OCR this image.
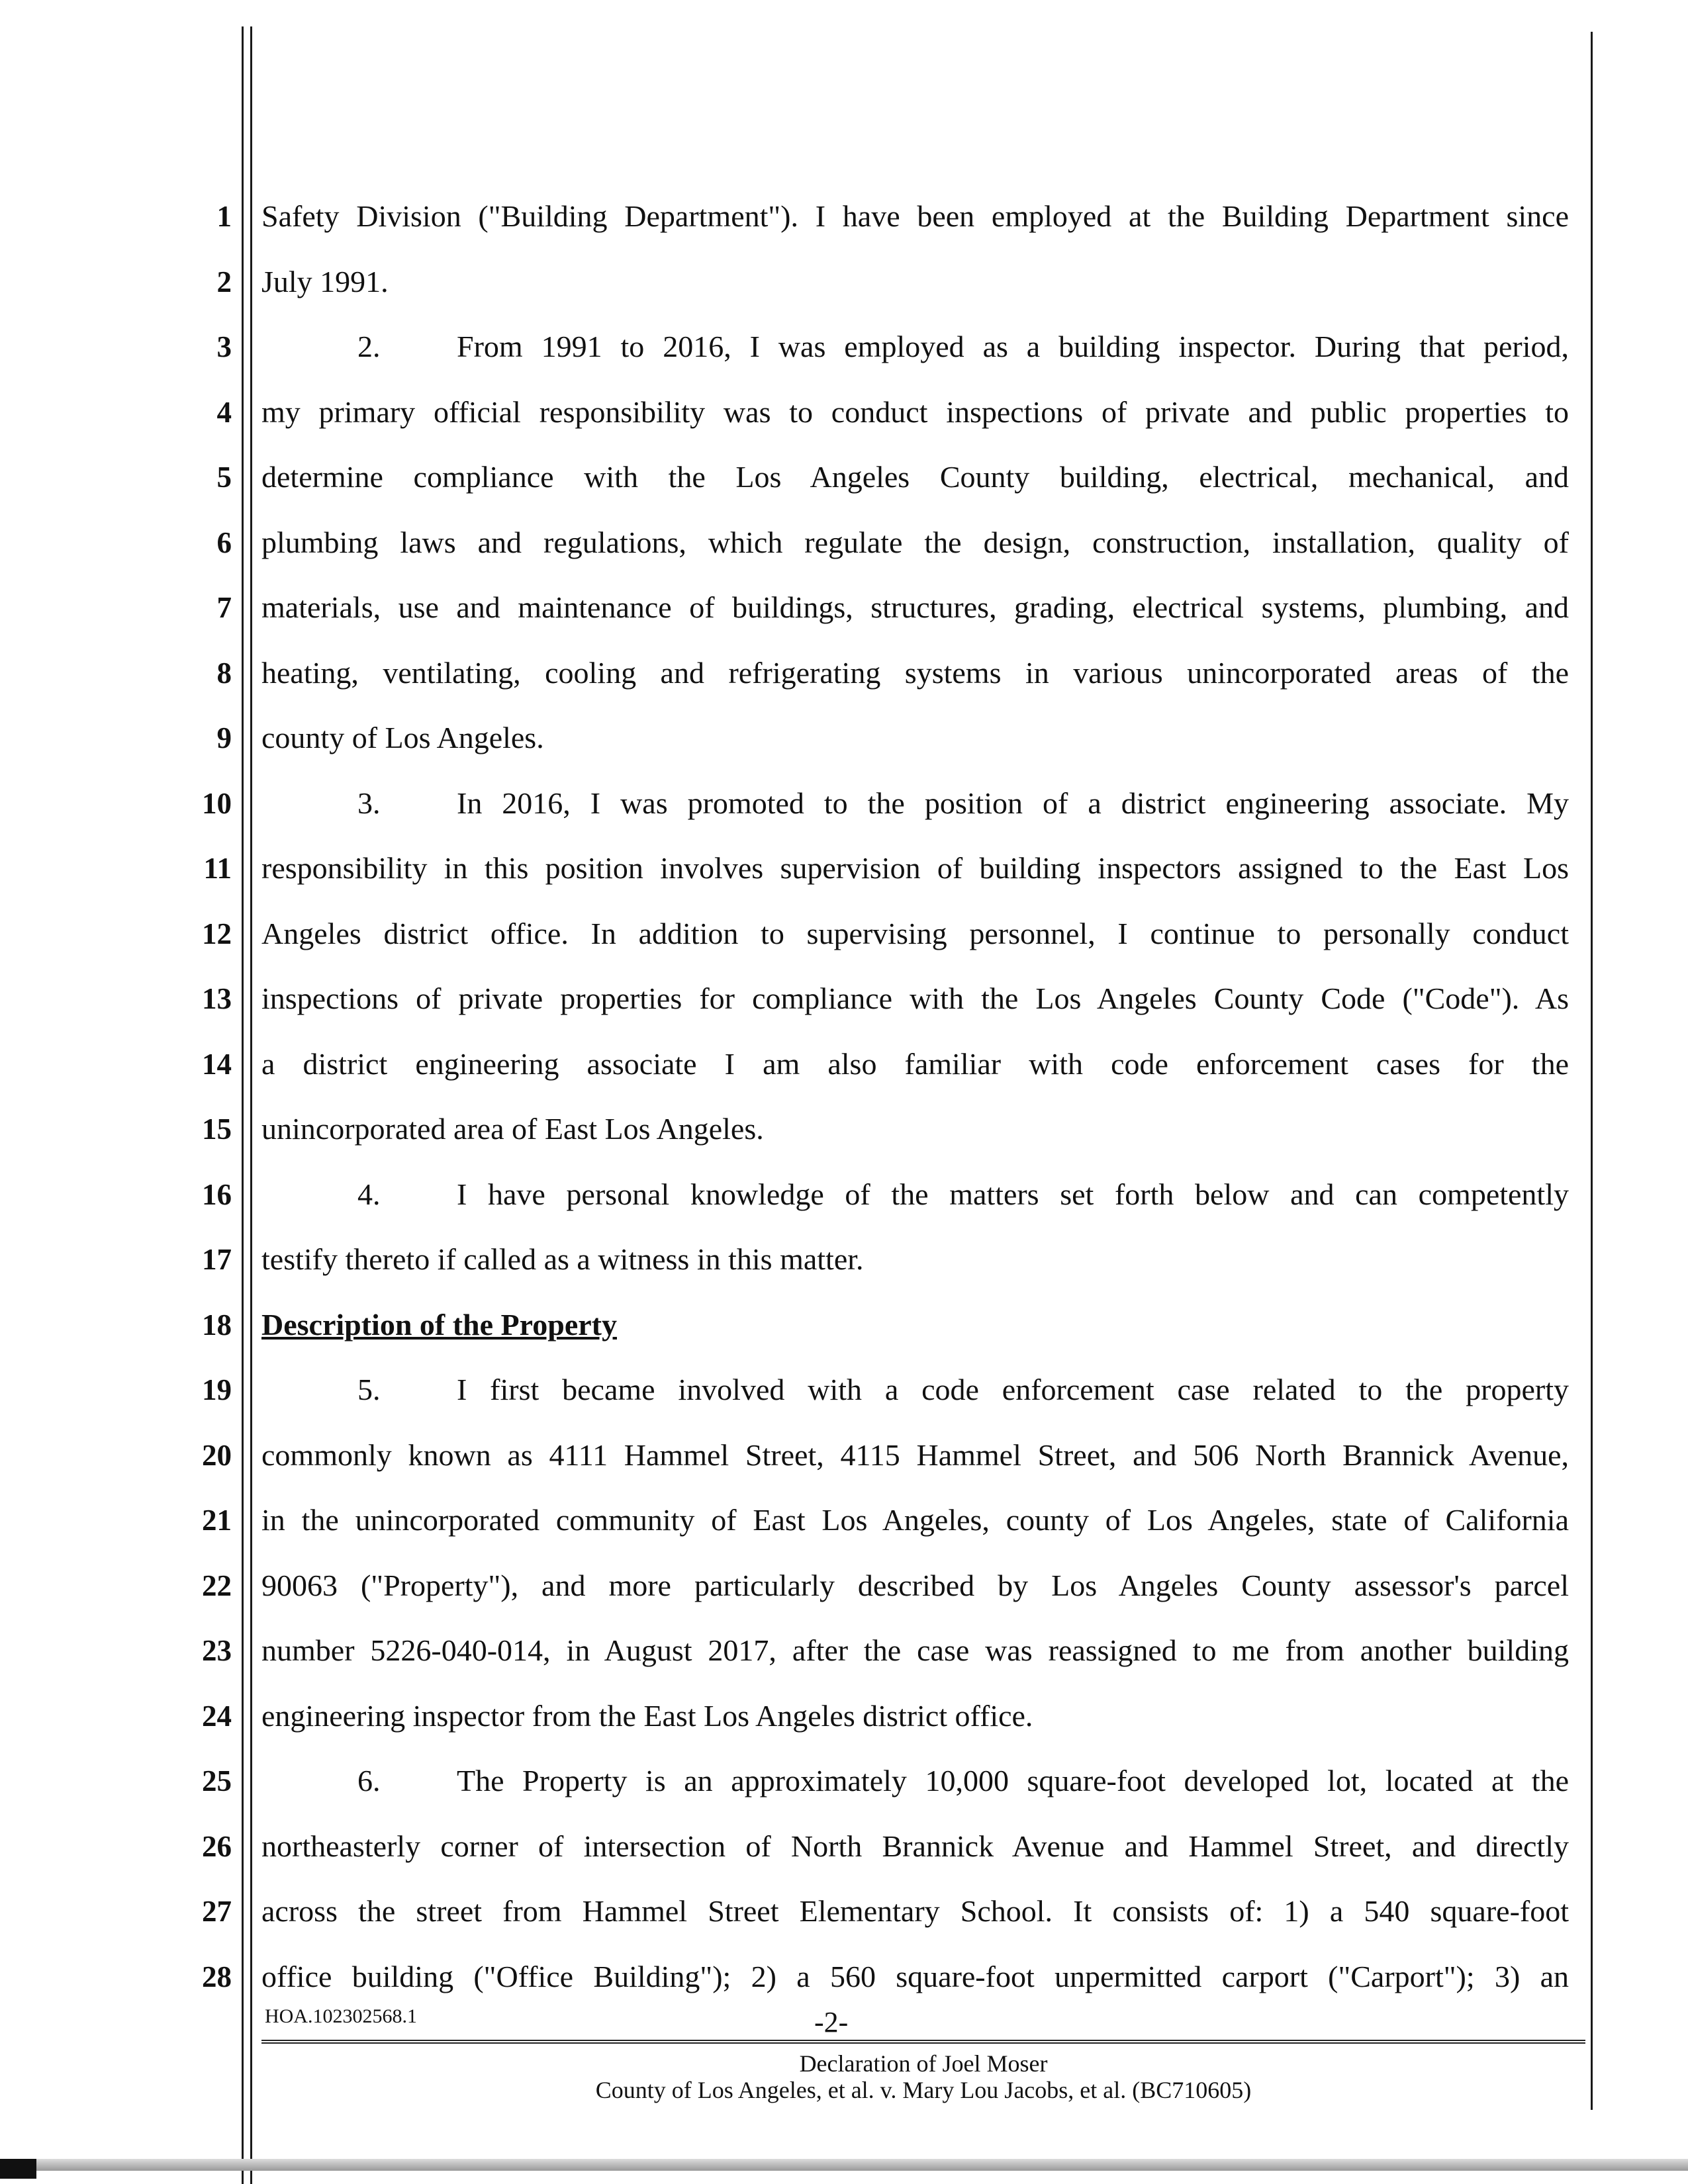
1 Safety Division ("Building Department"). I have been employed at the Building Department since
2 July 1991.
3	2.	From 1991 to 2016, I was employed as a building inspector. During that period,
4 my primary official responsibility was to conduct inspections of private and public properties to
5 determine compliance with the Los Angeles County building, electrical, mechanical, and
6 plumbing laws and regulations, which regulate the design, construction, installation, quality of
7 materials, use and maintenance of buildings, structures, grading, electrical systems, plumbing, and
8 heating, ventilating, cooling and refrigerating systems in various unincorporated areas of the
9 county of Los Angeles.
10	3.	In 2016, I was promoted to the position of a district engineering associate. My
11 responsibility in this position involves supervision of building inspectors assigned to the East Los
12 Angeles district office. In addition to supervising personnel, I continue to personally conduct
13 inspections of private properties for compliance with the Los Angeles County Code ("Code"). As
14 a district engineering associate I am also familiar with code enforcement cases for the
15 unincorporated area of East Los Angeles.
16	4.	I have personal knowledge of the matters set forth below and can competently
17 testify thereto if called as a witness in this matter.
18 Description of the Property
19	5.	I first became involved with a code enforcement case related to the property
20 commonly known as 4111 Hammel Street, 4115 Hammel Street, and 506 North Brannick Avenue,
21 in the unincorporated community of East Los Angeles, county of Los Angeles, state of California
22 90063 ("Property"), and more particularly described by Los Angeles County assessor's parcel
23 number 5226-040-014, in August 2017, after the case was reassigned to me from another building
24 engineering inspector from the East Los Angeles district office.
25	6.	The Property is an approximately 10,000 square-foot developed lot, located at the
26 northeasterly corner of intersection of North Brannick Avenue and Hammel Street, and directly
27 across the street from Hammel Street Elementary School. It consists of: 1) a 540 square-foot
28 office building ("Office Building"); 2) a 560 square-foot unpermitted carport ("Carport"); 3) an
HOA.102302568.1	-2-
Declaration of Joel Moser
County of Los Angeles, et al. v. Mary Lou Jacobs, et al. (BC710605)
